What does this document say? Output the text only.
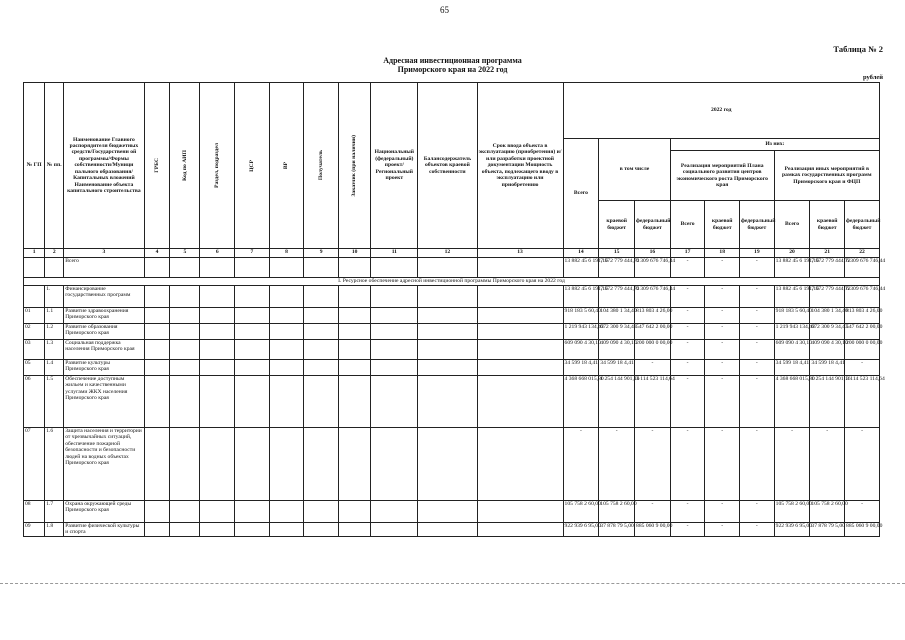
65
Таблица № 2
Адресная инвестиционная программа
Приморского края на 2022 год
рублей
№ ГП	№ пп.	Наименование Главного распорядителя бюджетных средств/Государственн ой программы/Формы собственности/Муници пального образования/ Капитальных вложений Наименование объекта капитального строительства	ГРБС	Код по АИП	Раздел, подраздел	ЦСР	ВР	Получатель	Заказчик (при наличии)	Национальный (федеральный) проект/ Региональный проект	Балансодержатель объектов краевой собственности	Срок ввода объекта в эксплуатацию (приобретения) и/или разработки проектной документации Мощность объекта, подлежащего вводу в эксплуатацию или приобретению	2022 год								
													Всего	в том числе		Из них:					
																Реализация мероприятий Плана социального развития центров экономического роста Приморского края			Реализация иных мероприятий в рамках государственных программ Приморского края и ФЦП		
														краевой бюджет	федеральный бюджет	Всего	краевой бюджет	федеральный бюджет	Всего	краевой бюджет	федеральный бюджет
1	2	3	4	5	6	7	8	9	10	11	12	13	14	15	16	17	18	19	20	21	22
		Всего											13 882 45 6 191,16	7 572 779 444,72	6 309 676 746,44	-	-	-	13 882 45 6 191,16	7 572 779 444,72	6 309 676 746,44
I. Ресурсное обеспечение адресной инвестиционной программы Приморского края на 2022 год																					
	1.	Финансирование государственных программ											13 882 45 6 191,16	7 572 779 444,72	6 309 676 746,44	-	-	-	13 882 45 6 191,16	7 572 779 444,72	6 309 676 746,44
01	1.1	Развитие здравоохранения Приморского края											918 183 5 60,40	104 380 1 34,40	813 803 4 26,00	-	-	-	918 183 5 60,40	104 380 1 34,40	813 803 4 26,00
02	1.2	Развитие образования Приморского края											1 219 943 134,43	672 300 9 34,43	547 642 2 00,00	-	-	-	1 219 943 134,43	672 300 9 34,43	547 642 2 00,00
03	1.3	Социальная поддержка населения Приморского края											609 090 4 30,10	409 090 4 30,10	200 000 0 00,00	-	-	-	609 090 4 30,10	409 090 4 30,10	200 000 0 00,00
05	1.4	Развитие культуры Приморского края											34 599 18 4,41	34 599 18 4,41	-	-	-	-	34 599 18 4,41	34 599 18 4,41	-
06	1.5	Обеспечение доступным жильем и качественными услугами ЖКХ населения Приморского края											4 368 668 015,80	1 254 144 901,16	3 114 523 114,64	-	-	-	4 368 668 015,80	1 254 144 901,16	3 114 523 114,64
07	1.6	Защита населения и территории от чрезвычайных ситуаций, обеспечение пожарной безопасности и безопасности людей на водных объектах Приморского края											-	-	-	-	-	-	-	-	-
08	1.7	Охрана окружающей среды Приморского края											105 758 2 60,00	105 758 2 60,00	-	-	-	-	105 758 2 60,00	105 758 2 60,00	-
09	1.8	Развитие физической культуры и спорта											922 939 6 95,00	37 878 79 5,00	885 060 9 00,00	-	-	-	922 939 6 95,00	37 878 79 5,00	885 060 9 00,00
